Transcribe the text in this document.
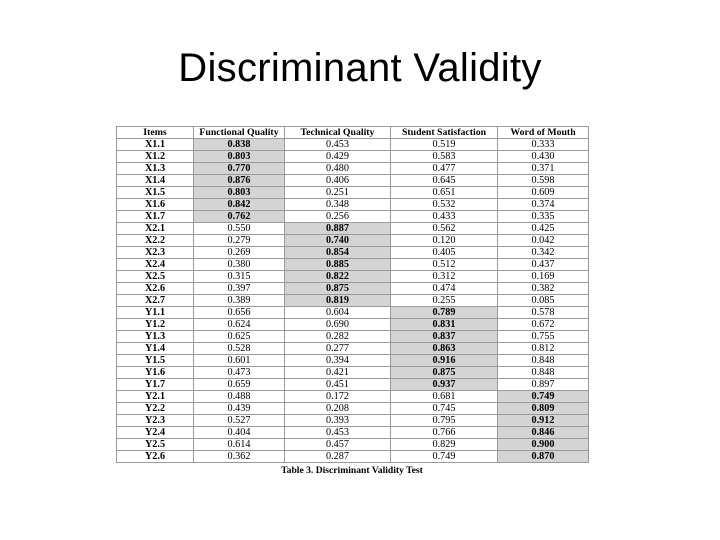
Discriminant Validity
Items	Functional Quality	Technical Quality	Student Satisfaction	Word of Mouth
X1.1	0.838	0.453	0.519	0.333
X1.2	0.803	0.429	0.583	0.430
X1.3	0.770	0.480	0.477	0.371
X1.4	0.876	0.406	0.645	0.598
X1.5	0.803	0.251	0.651	0.609
X1.6	0.842	0.348	0.532	0.374
X1.7	0.762	0.256	0.433	0.335
X2.1	0.550	0.887	0.562	0.425
X2.2	0.279	0.740	0.120	0.042
X2.3	0.269	0.854	0.405	0.342
X2.4	0.380	0.885	0.512	0.437
X2.5	0.315	0.822	0.312	0.169
X2.6	0.397	0.875	0.474	0.382
X2.7	0.389	0.819	0.255	0.085
Y1.1	0.656	0.604	0.789	0.578
Y1.2	0.624	0.690	0.831	0.672
Y1.3	0.625	0.282	0.837	0.755
Y1.4	0.528	0.277	0.863	0.812
Y1.5	0.601	0.394	0.916	0.848
Y1.6	0.473	0.421	0.875	0.848
Y1.7	0.659	0.451	0.937	0.897
Y2.1	0.488	0.172	0.681	0.749
Y2.2	0.439	0.208	0.745	0.809
Y2.3	0.527	0.393	0.795	0.912
Y2.4	0.404	0.453	0.766	0.846
Y2.5	0.614	0.457	0.829	0.900
Y2.6	0.362	0.287	0.749	0.870
Table 3. Discriminant Validity Test
